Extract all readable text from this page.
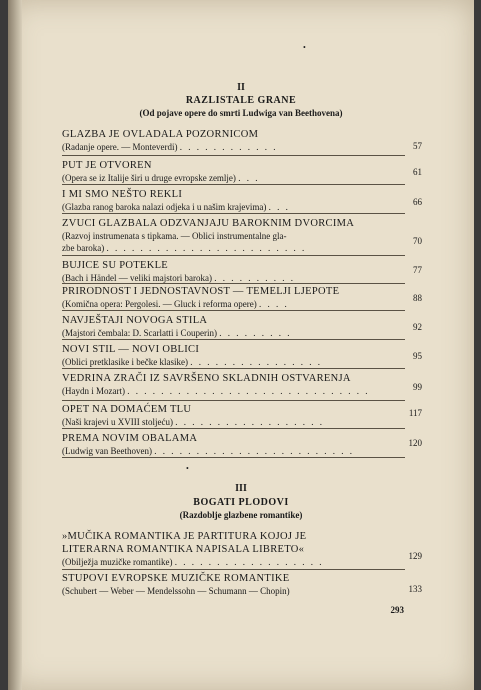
•
II
RAZLISTALE GRANE
(Od pojave opere do smrti Ludwiga van Beethovena)
GLAZBA JE OVLADALA POZORNICOM
(Radanje opere. — Monteverdi) . . . . . . . . . . . .	57
PUT JE OTVOREN
(Opera se iz Italije širi u druge evropske zemlje) . . .
61
I MI SMO NEŠTO REKLI
(Glazba ranog baroka nalazi odjeka i u našim krajevima) . . .	66
ZVUCI GLAZBALA ODZVANJAJU BAROKNIM DVORCIMA
(Razvoj instrumenata s tipkama. — Oblici instrumentalne gla-
zbe baroka) . . . . . . . . . . . . . . . . . . . . . . . .
70
BUJICE SU POTEKLE
(Bach i Händel — veliki majstori baroka) . . . . . . . . . .
77
PRIRODNOST I JEDNOSTAVNOST — TEMELJI LJEPOTE
(Komična opera: Pergolesi. — Gluck i reforma opere) . . . .
88
NAVJEŠTAJI NOVOGA STILA
(Majstori čembala: D. Scarlatti i Couperin) . . . . . . . . .
92
NOVI STIL — NOVI OBLICI
(Oblici pretklasike i bečke klasike) . . . . . . . . . . . . . . . .
95
VEDRINA ZRAČI IZ SAVRŠENO SKLADNIH OSTVARENJA
(Haydn i Mozart) . . . . . . . . . . . . . . . . . . . . . . . . . . . . .	99
OPET NA DOMAĆEM TLU
(Naši krajevi u XVIII stoljeću) . . . . . . . . . . . . . . . . . .
117
PREMA NOVIM OBALAMA
(Ludwig van Beethoven) . . . . . . . . . . . . . . . . . . . . . . . .
120
•
III
BOGATI PLODOVI
(Razdoblje glazbene romantike)
»MUČIKA ROMANTIKA JE PARTITURA KOJOJ JE
LITERARNA ROMANTIKA NAPISALA LIBRETO«
(Obilježja muzičke romantike) . . . . . . . . . . . . . . . . . .
129
STUPOVI EVROPSKE MUZIČKE ROMANTIKE
(Schubert — Weber — Mendelssohn — Schumann — Chopin)	133
293
